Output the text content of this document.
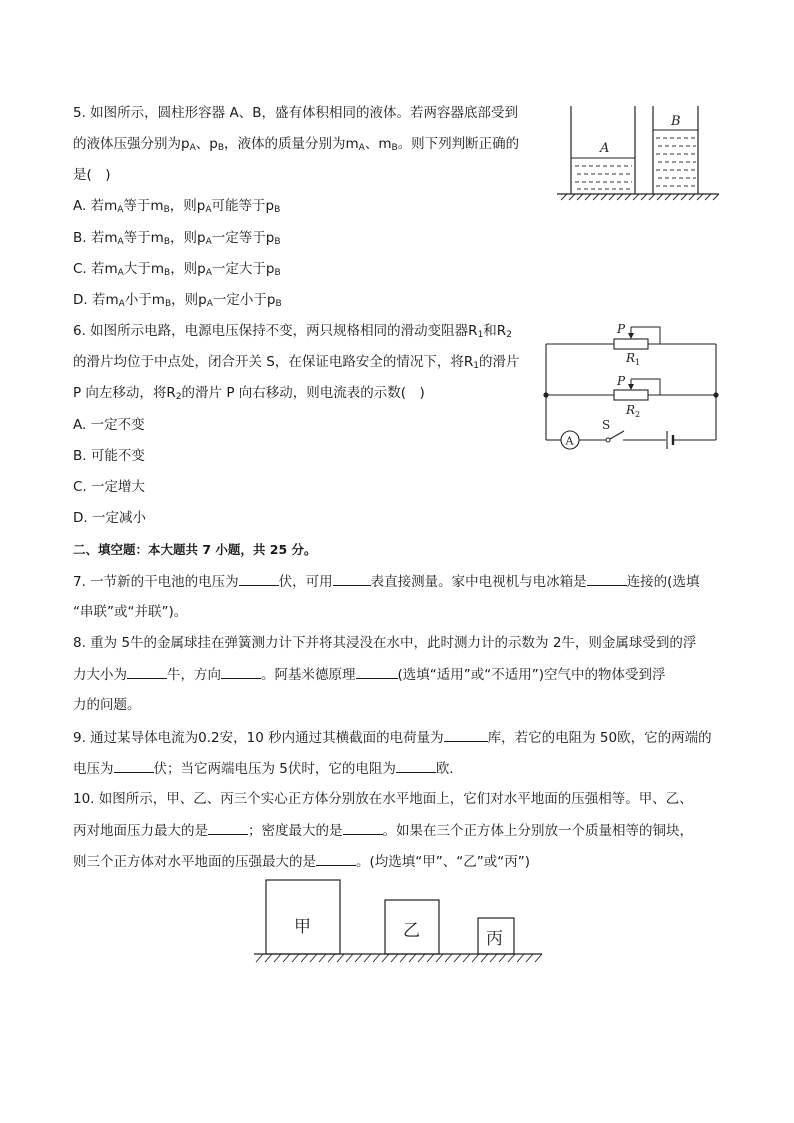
5. 如图所示，圆柱形容器 A、B，盛有体积相同的液体。若两容器底部受到
的液体压强分别为$p_A$、$p_B$，液体的质量分别为$m_A$、$m_B$。则下列判断正确的
是(　)
A. 若$m_A$等于$m_B$，则$p_A$可能等于$p_B$
B. 若$m_A$等于$m_B$，则$p_A$一定等于$p_B$
C. 若$m_A$大于$m_B$，则$p_A$一定大于$p_B$
D. 若$m_A$小于$m_B$，则$p_A$一定小于$p_B$
A
B
6. 如图所示电路，电源电压保持不变，两只规格相同的滑动变阻器$R_1$和$R_2$
的滑片均位于中点处，闭合开关 S，在保证电路安全的情况下，将$R_1$的滑片
P 向左移动，将$R_2$的滑片 P 向右移动，则电流表的示数(　)
A. 一定不变
B. 可能不变
C. 一定增大
D. 一定减小
P
R 1
P
R 2
A
S
二、填空题：本大题共 7 小题，共 25 分。
7. 一节新的干电池的电压为	伏，可用	表直接测量。家中电视机与电冰箱是	连接的(选填
“串联”或“并联”)。
8. 重为 5牛的金属球挂在弹簧测力计下并将其浸没在水中，此时测力计的示数为 2牛，则金属球受到的浮
力大小为	牛，方向	。阿基米德原理	(选填“适用”或“不适用”)空气中的物体受到浮
力的问题。
9. 通过某导体电流为0.2安，10 秒内通过其横截面的电荷量为	库，若它的电阻为 50欧，它的两端的
电压为	伏；当它两端电压为 5伏时，它的电阻为	欧．
10. 如图所示，甲、乙、丙三个实心正方体分别放在水平地面上，它们对水平地面的压强相等。甲、乙、
丙对地面压力最大的是	；密度最大的是	。如果在三个正方体上分别放一个质量相等的铜块，
则三个正方体对水平地面的压强最大的是	。(均选填“甲”、“乙”或“丙”)
甲	乙	丙
